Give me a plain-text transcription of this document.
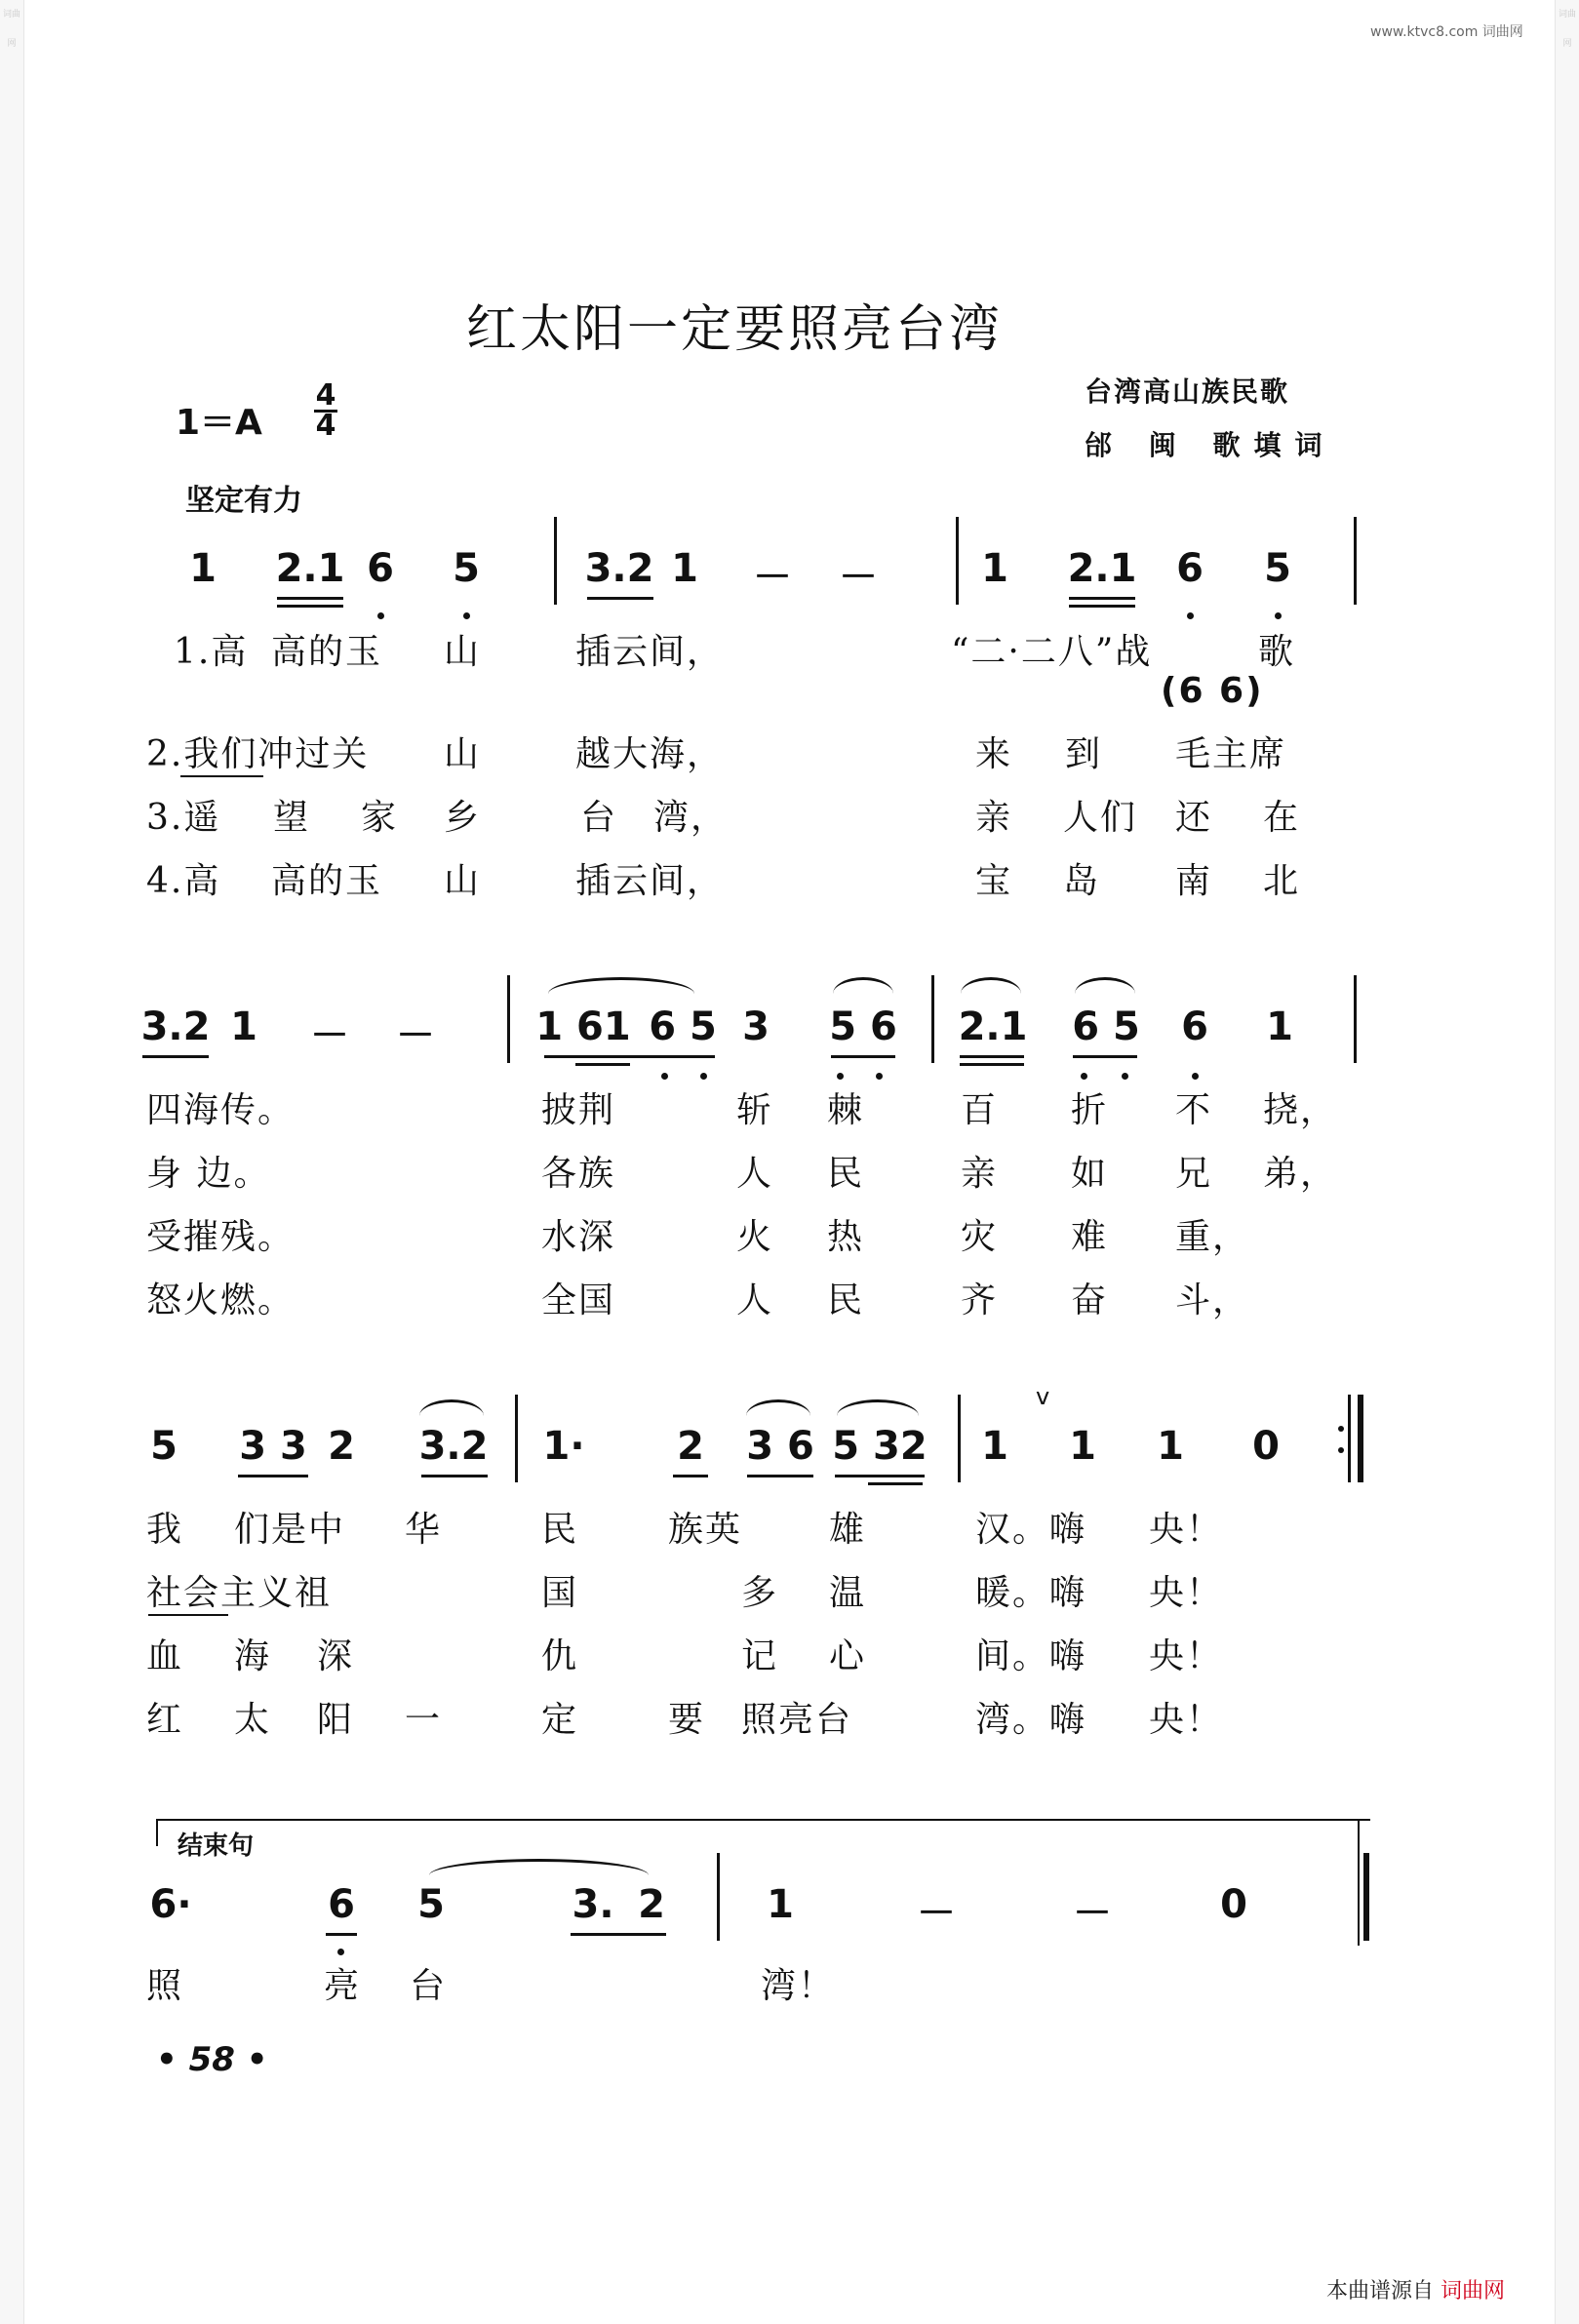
词曲网
词曲网
www.ktvc8.com 词曲网
红太阳一定要照亮台湾
1＝A
4
4
台湾高山族民歌
邰 闽 歌填词
坚定有力
1	2.1 6	5	3.2 1	－ －	1	2.1	6	5
1.高 高的玉 山	插云间，	“二·二八”战	歌
(6 6)
2.我们冲过关 山	越大海，	来 到 毛主席
3.遥 望 家 乡	台 湾，	亲 人们 还 在
4.高 高的玉 山	插云间，	宝 岛 南 北
3.2 1	－ －	1 61 6 5 3	5 6 2.1 6 5	6	1
四海传。	披荆	斩 棘	百 折 不 挠，
身 边。	各族	人 民	亲 如 兄 弟，
受摧残。	水深	火 热	灾 难 重，
怒火燃。	全国	人 民	齐 奋 斗，
v
5	3 3 2	3.2 1·	2	3 6 5 32	1	1	1	0
我 们是中 华	民	族英 雄	汉。嗨 央！
社会主义祖	国	多 温	暖。嗨 央！
血 海 深	仇	记 心	间。嗨 央！
红 太 阳 一	定	要 照亮台	湾。嗨 央！
结束句
6·	6	5	3. 2	1	－	－	0
照	亮 台	湾！
• 58 •
本曲谱源自 词曲网
